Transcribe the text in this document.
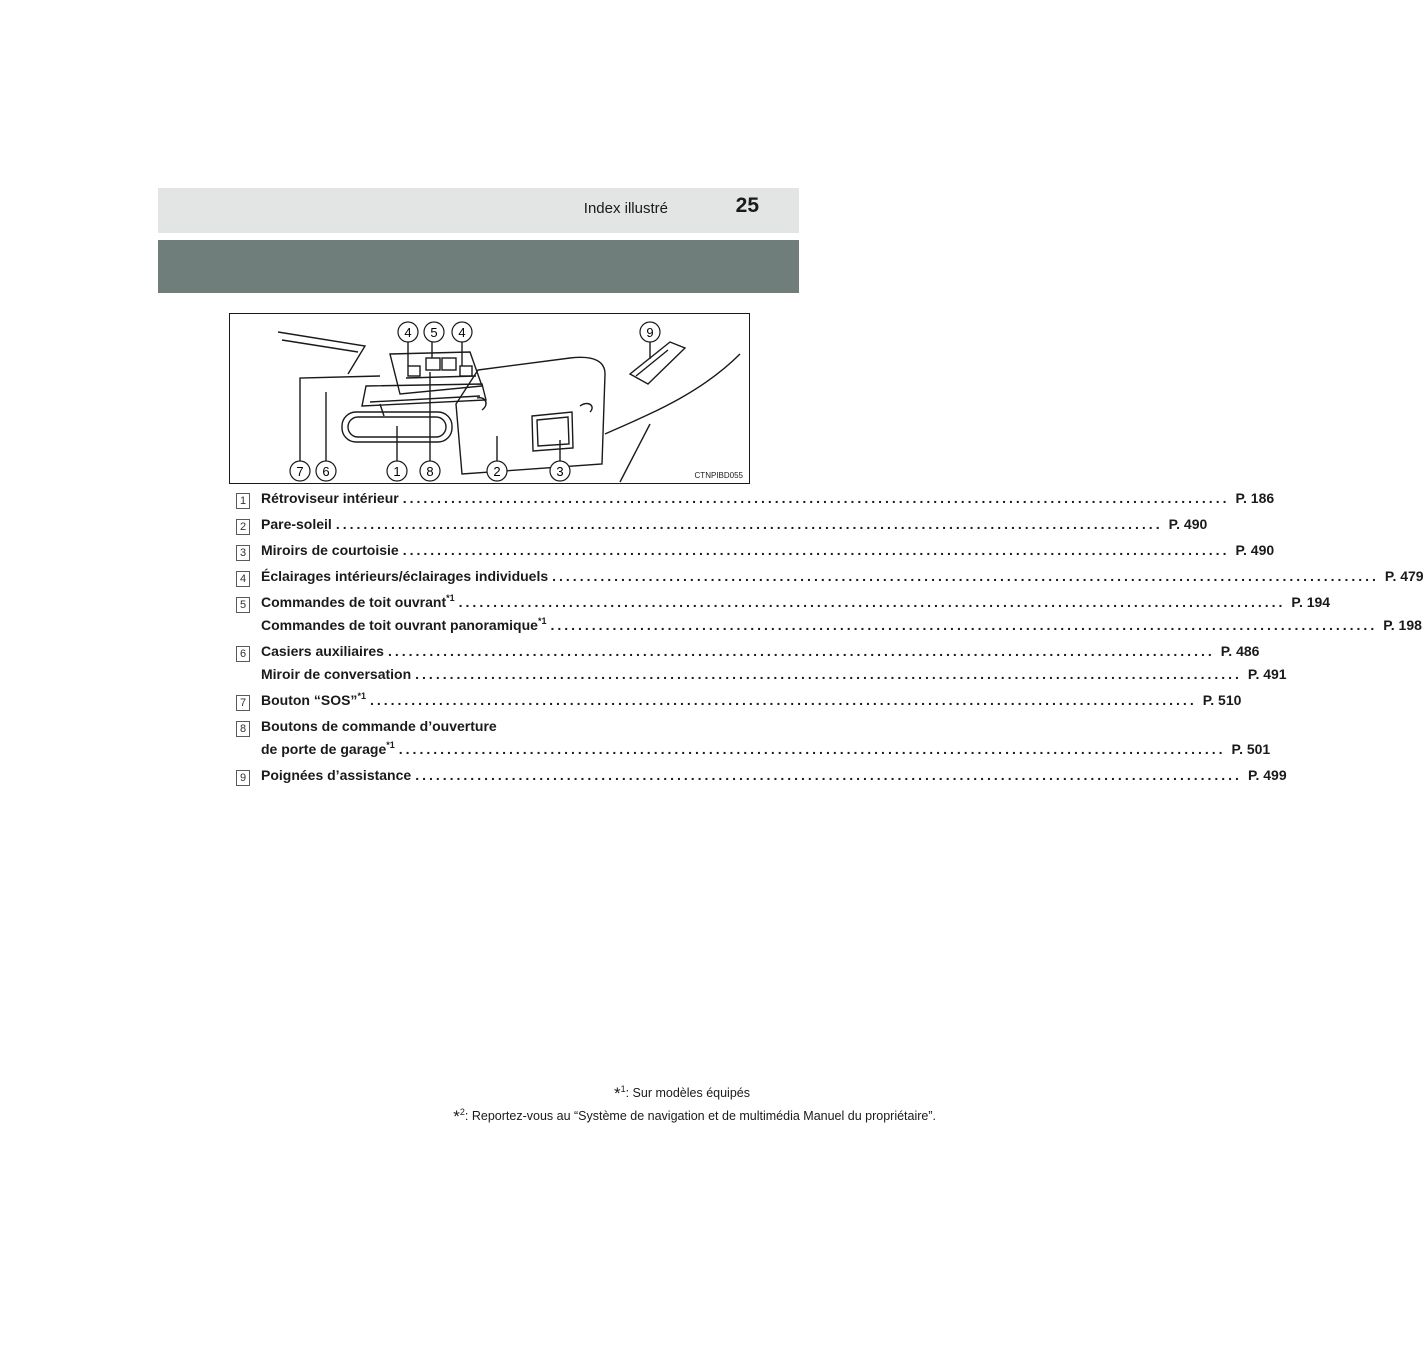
Index illustré	25
4 5 4	9
7 6	1 8	2	3	CTNPIBD055
1 Rétroviseur intérieur ........................................................................................................................ P. 186
2 Pare-soleil ........................................................................................................................ P. 490
3 Miroirs de courtoisie ........................................................................................................................ P. 490
4 Éclairages intérieurs/éclairages individuels ........................................................................................................................ P. 479
5 Commandes de toit ouvrant$^{*1}$ ........................................................................................................................ P. 194
Commandes de toit ouvrant panoramique$^{*1}$ ........................................................................................................................ P. 198
6 Casiers auxiliaires ........................................................................................................................ P. 486
Miroir de conversation ........................................................................................................................ P. 491
7 Bouton “SOS”$^{*1}$ ........................................................................................................................ P. 510
8 Boutons de commande d’ouverture
de porte de garage$^{*1}$ ........................................................................................................................ P. 501
9 Poignées d’assistance ........................................................................................................................ P. 499
*$^1$: Sur modèles équipés
*$^2$: Reportez-vous au “Système de navigation et de multimédia Manuel du propriétaire”.
